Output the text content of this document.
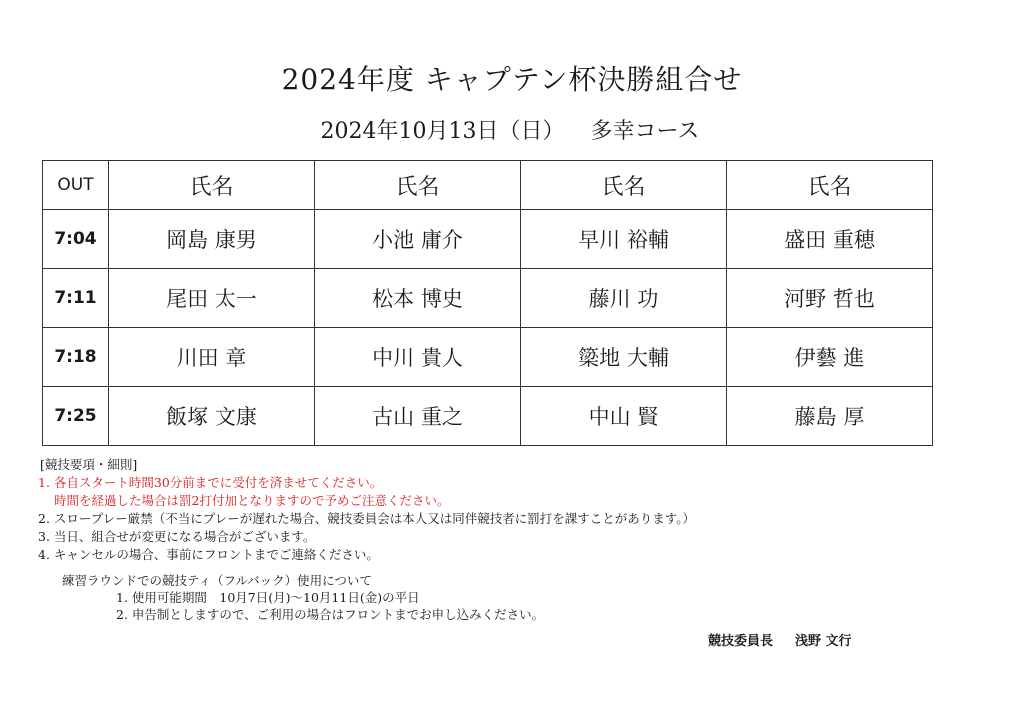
2024年度 キャプテン杯決勝組合せ
2024年10月13日（日） 多幸コース
OUT	氏名	氏名	氏名	氏名
7:04	岡島 康男	小池 庸介	早川 裕輔	盛田 重穂
7:11	尾田 太一	松本 博史	藤川 功	河野 哲也
7:18	川田 章	中川 貴人	簗地 大輔	伊藝 進
7:25	飯塚 文康	古山 重之	中山 賢	藤島 厚
[競技要項・細則]
1. 各自スタート時間30分前までに受付を済ませてください。
時間を経過した場合は罰2打付加となりますので予めご注意ください。
2. スロープレー厳禁（不当にプレーが遅れた場合、競技委員会は本人又は同伴競技者に罰打を課すことがあります。）
3. 当日、組合せが変更になる場合がございます。
4. キャンセルの場合、事前にフロントまでご連絡ください。
練習ラウンドでの競技ティ（フルバック）使用について
1. 使用可能期間　10月7日(月)～10月11日(金)の平日
2. 申告制としますので、ご利用の場合はフロントまでお申し込みください。
競技委員長 浅野 文行
